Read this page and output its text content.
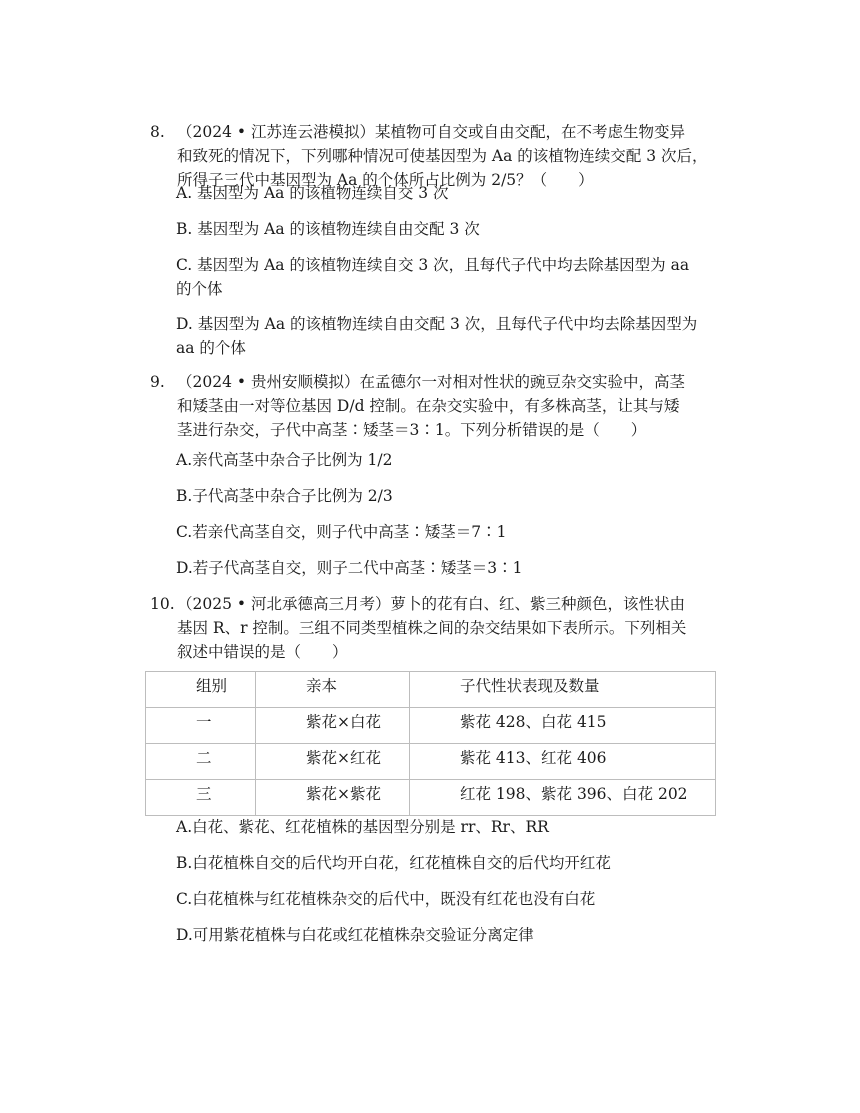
8. （2024 • 江苏连云港模拟）某植物可自交或自由交配，在不考虑生物变异
和致死的情况下，下列哪种情况可使基因型为 Aa 的该植物连续交配 3 次后，
所得子三代中基因型为 Aa 的个体所占比例为 2/5？（　　）
A. 基因型为 Aa 的该植物连续自交 3 次
B. 基因型为 Aa 的该植物连续自由交配 3 次
C. 基因型为 Aa 的该植物连续自交 3 次，且每代子代中均去除基因型为 aa
的个体
D. 基因型为 Aa 的该植物连续自由交配 3 次，且每代子代中均去除基因型为
aa 的个体
9. （2024 • 贵州安顺模拟）在孟德尔一对相对性状的豌豆杂交实验中，高茎
和矮茎由一对等位基因 D/d 控制。在杂交实验中，有多株高茎，让其与矮
茎进行杂交，子代中高茎∶矮茎＝3∶1。下列分析错误的是（　　）
A.亲代高茎中杂合子比例为 1/2
B.子代高茎中杂合子比例为 2/3
C.若亲代高茎自交，则子代中高茎∶矮茎＝7∶1
D.若子代高茎自交，则子二代中高茎∶矮茎＝3∶1
10. （2025 • 河北承德高三月考）萝卜的花有白、红、紫三种颜色，该性状由
基因 R、r 控制。三组不同类型植株之间的杂交结果如下表所示。下列相关
叙述中错误的是（　　）
组别	亲本	子代性状表现及数量

一	紫花×白花	紫花 428、白花 415

二	紫花×红花	紫花 413、红花 406

三	紫花×紫花	红花 198、紫花 396、白花 202
A.白花、紫花、红花植株的基因型分别是 rr、Rr、RR
B.白花植株自交的后代均开白花，红花植株自交的后代均开红花
C.白花植株与红花植株杂交的后代中，既没有红花也没有白花
D.可用紫花植株与白花或红花植株杂交验证分离定律
